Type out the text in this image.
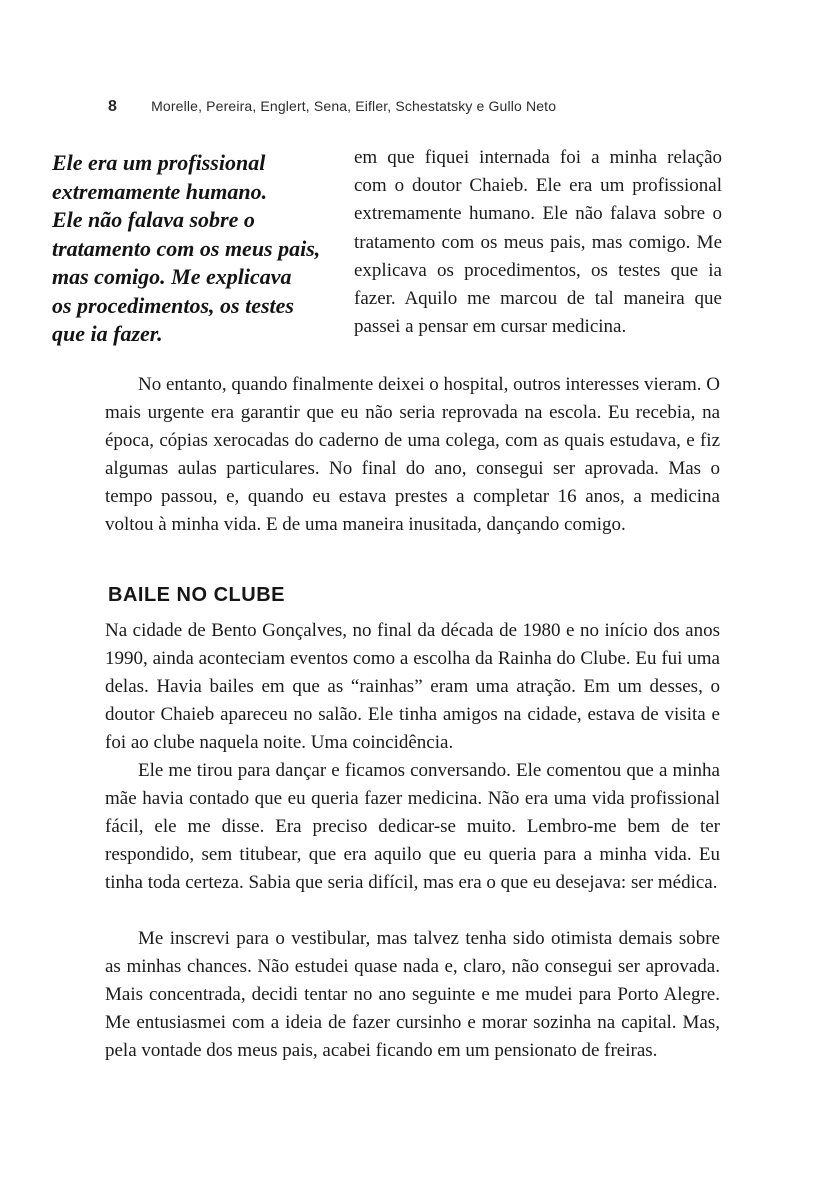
8 Morelle, Pereira, Englert, Sena, Eifler, Schestatsky e Gullo Neto
Ele era um profissional
extremamente humano.
Ele não falava sobre o
tratamento com os meus pais,
mas comigo. Me explicava
os procedimentos, os testes
que ia fazer.

em que fiquei internada foi a minha relação com o doutor Chaieb. Ele era um profissional extremamente humano. Ele não falava sobre o tratamento com os meus pais, mas comigo. Me explicava os procedimentos, os testes que ia fazer. Aquilo me marcou de tal maneira que passei a pensar em cursar medicina.

No entanto, quando finalmente deixei o hospital, outros interesses vieram. O mais urgente era garantir que eu não seria reprovada na escola. Eu recebia, na época, cópias xerocadas do caderno de uma colega, com as quais estudava, e fiz algumas aulas particulares. No final do ano, consegui ser aprovada. Mas o tempo passou, e, quando eu estava prestes a completar 16 anos, a medicina voltou à minha vida. E de uma maneira inusitada, dançando comigo.

BAILE NO CLUBE

Na cidade de Bento Gonçalves, no final da década de 1980 e no início dos anos 1990, ainda aconteciam eventos como a escolha da Rainha do Clube. Eu fui uma delas. Havia bailes em que as “rainhas” eram uma atração. Em um desses, o doutor Chaieb apareceu no salão. Ele tinha amigos na cidade, estava de visita e foi ao clube naquela noite. Uma coincidência.

Ele me tirou para dançar e ficamos conversando. Ele comentou que a minha mãe havia contado que eu queria fazer medicina. Não era uma vida profissional fácil, ele me disse. Era preciso dedicar-se muito. Lembro-me bem de ter respondido, sem titubear, que era aquilo que eu queria para a minha vida. Eu tinha toda certeza. Sabia que seria difícil, mas era o que eu desejava: ser médica.

Me inscrevi para o vestibular, mas talvez tenha sido otimista demais sobre as minhas chances. Não estudei quase nada e, claro, não consegui ser aprovada. Mais concentrada, decidi tentar no ano seguinte e me mudei para Porto Alegre. Me entusiasmei com a ideia de fazer cursinho e morar sozinha na capital. Mas, pela vontade dos meus pais, acabei ficando em um pensionato de freiras.
